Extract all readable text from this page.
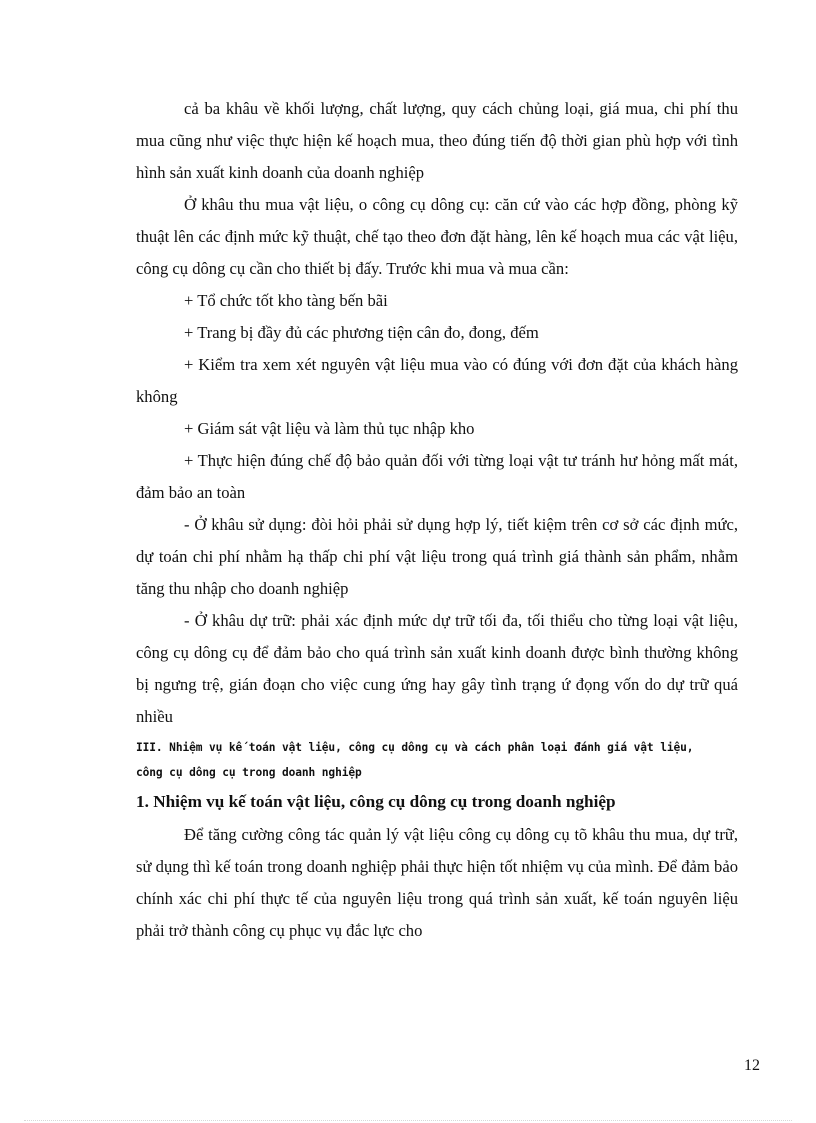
cả ba khâu về khối lượng, chất lượng, quy cách chủng loại, giá mua, chi phí thu mua cũng như việc thực hiện kế hoạch mua, theo đúng tiến độ thời gian phù hợp với tình hình sản xuất kinh doanh của doanh nghiệp

Ở khâu thu mua vật liệu, o công cụ dông cụ: căn cứ vào các hợp đồng, phòng kỹ thuật lên các định mức kỹ thuật, chế tạo theo đơn đặt hàng, lên kế hoạch mua các vật liệu, công cụ dông cụ cần cho thiết bị đấy. Trước khi mua và mua cần:

+ Tổ chức tốt kho tàng bến bãi

+ Trang bị đầy đủ các phương tiện cân đo, đong, đếm

+ Kiểm tra xem xét nguyên vật liệu mua vào có đúng với đơn đặt của khách hàng không

+ Giám sát vật liệu và làm thủ tục nhập kho

+ Thực hiện đúng chế độ bảo quản đối với từng loại vật tư tránh hư hỏng mất mát, đảm bảo an toàn

- Ở khâu sử dụng: đòi hỏi phải sử dụng hợp lý, tiết kiệm trên cơ sở các định mức, dự toán chi phí nhằm hạ thấp chi phí vật liệu trong quá trình giá thành sản phẩm, nhằm tăng thu nhập cho doanh nghiệp

- Ở khâu dự trữ: phải xác định mức dự trữ tối đa, tối thiểu cho từng loại vật liệu, công cụ dông cụ để đảm bảo cho quá trình sản xuất kinh doanh được bình thường không bị ngưng trệ, gián đoạn cho việc cung ứng hay gây tình trạng ứ đọng vốn do dự trữ quá nhiều

III. Nhiệm vụ kế toán vật liệu, công cụ dông cụ và cách phân loại đánh giá vật liệu,

công cụ dông cụ trong doanh nghiệp

1. Nhiệm vụ kế toán vật liệu, công cụ dông cụ trong doanh nghiệp

Để tăng cường công tác quản lý vật liệu công cụ dông cụ tõ khâu thu mua, dự trữ, sử dụng thì kế toán trong doanh nghiệp phải thực hiện tốt nhiệm vụ của mình. Để đảm bảo chính xác chi phí thực tế của nguyên liệu trong quá trình sản xuất, kế toán nguyên liệu phải trở thành công cụ phục vụ đắc lực cho

12
